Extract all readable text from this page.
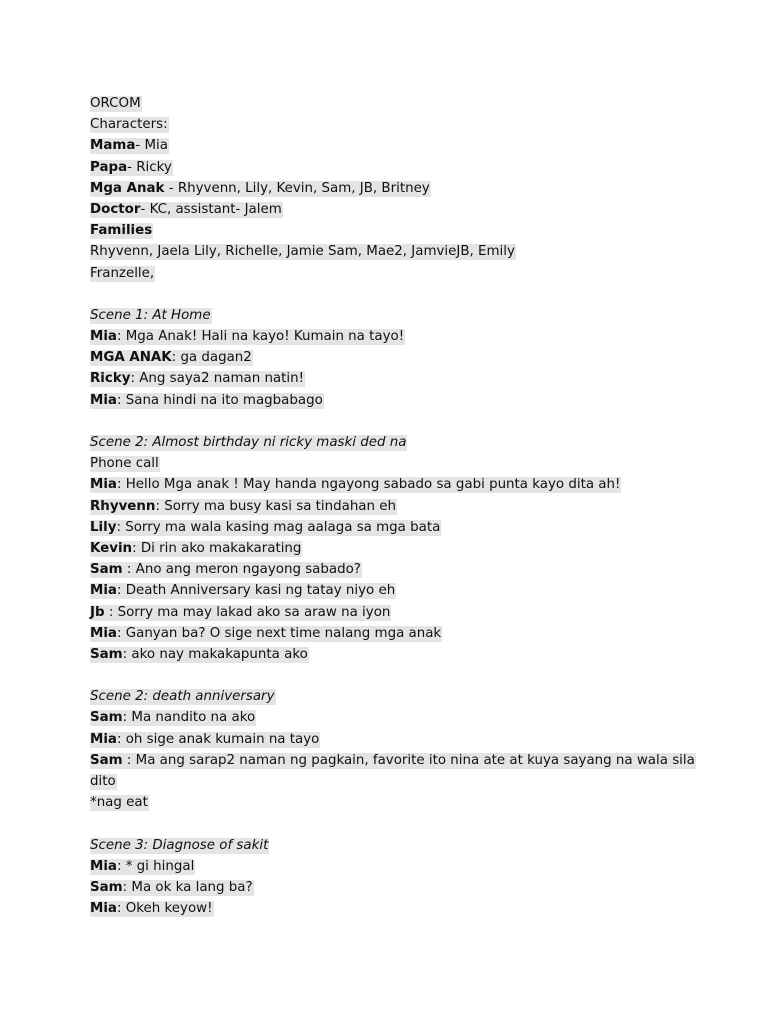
ORCOM
Characters:
Mama- Mia
Papa- Ricky
Mga Anak - Rhyvenn, Lily, Kevin, Sam, JB, Britney
Doctor- KC, assistant- Jalem
Families
Rhyvenn, Jaela Lily, Richelle, Jamie Sam, Mae2, JamvieJB, Emily
Franzelle,
Scene 1: At Home
Mia: Mga Anak! Hali na kayo! Kumain na tayo!
MGA ANAK: ga dagan2
Ricky: Ang saya2 naman natin!
Mia: Sana hindi na ito magbabago
Scene 2: Almost birthday ni ricky maski ded na
Phone call
Mia: Hello Mga anak ! May handa ngayong sabado sa gabi punta kayo dita ah!
Rhyvenn: Sorry ma busy kasi sa tindahan eh
Lily: Sorry ma wala kasing mag aalaga sa mga bata
Kevin: Di rin ako makakarating
Sam : Ano ang meron ngayong sabado?
Mia: Death Anniversary kasi ng tatay niyo eh
Jb : Sorry ma may lakad ako sa araw na iyon
Mia: Ganyan ba? O sige next time nalang mga anak
Sam: ako nay makakapunta ako
Scene 2: death anniversary
Sam: Ma nandito na ako
Mia: oh sige anak kumain na tayo
Sam : Ma ang sarap2 naman ng pagkain, favorite ito nina ate at kuya sayang na wala sila
dito
*nag eat
Scene 3: Diagnose of sakit
Mia: * gi hingal
Sam: Ma ok ka lang ba?
Mia: Okeh keyow!
